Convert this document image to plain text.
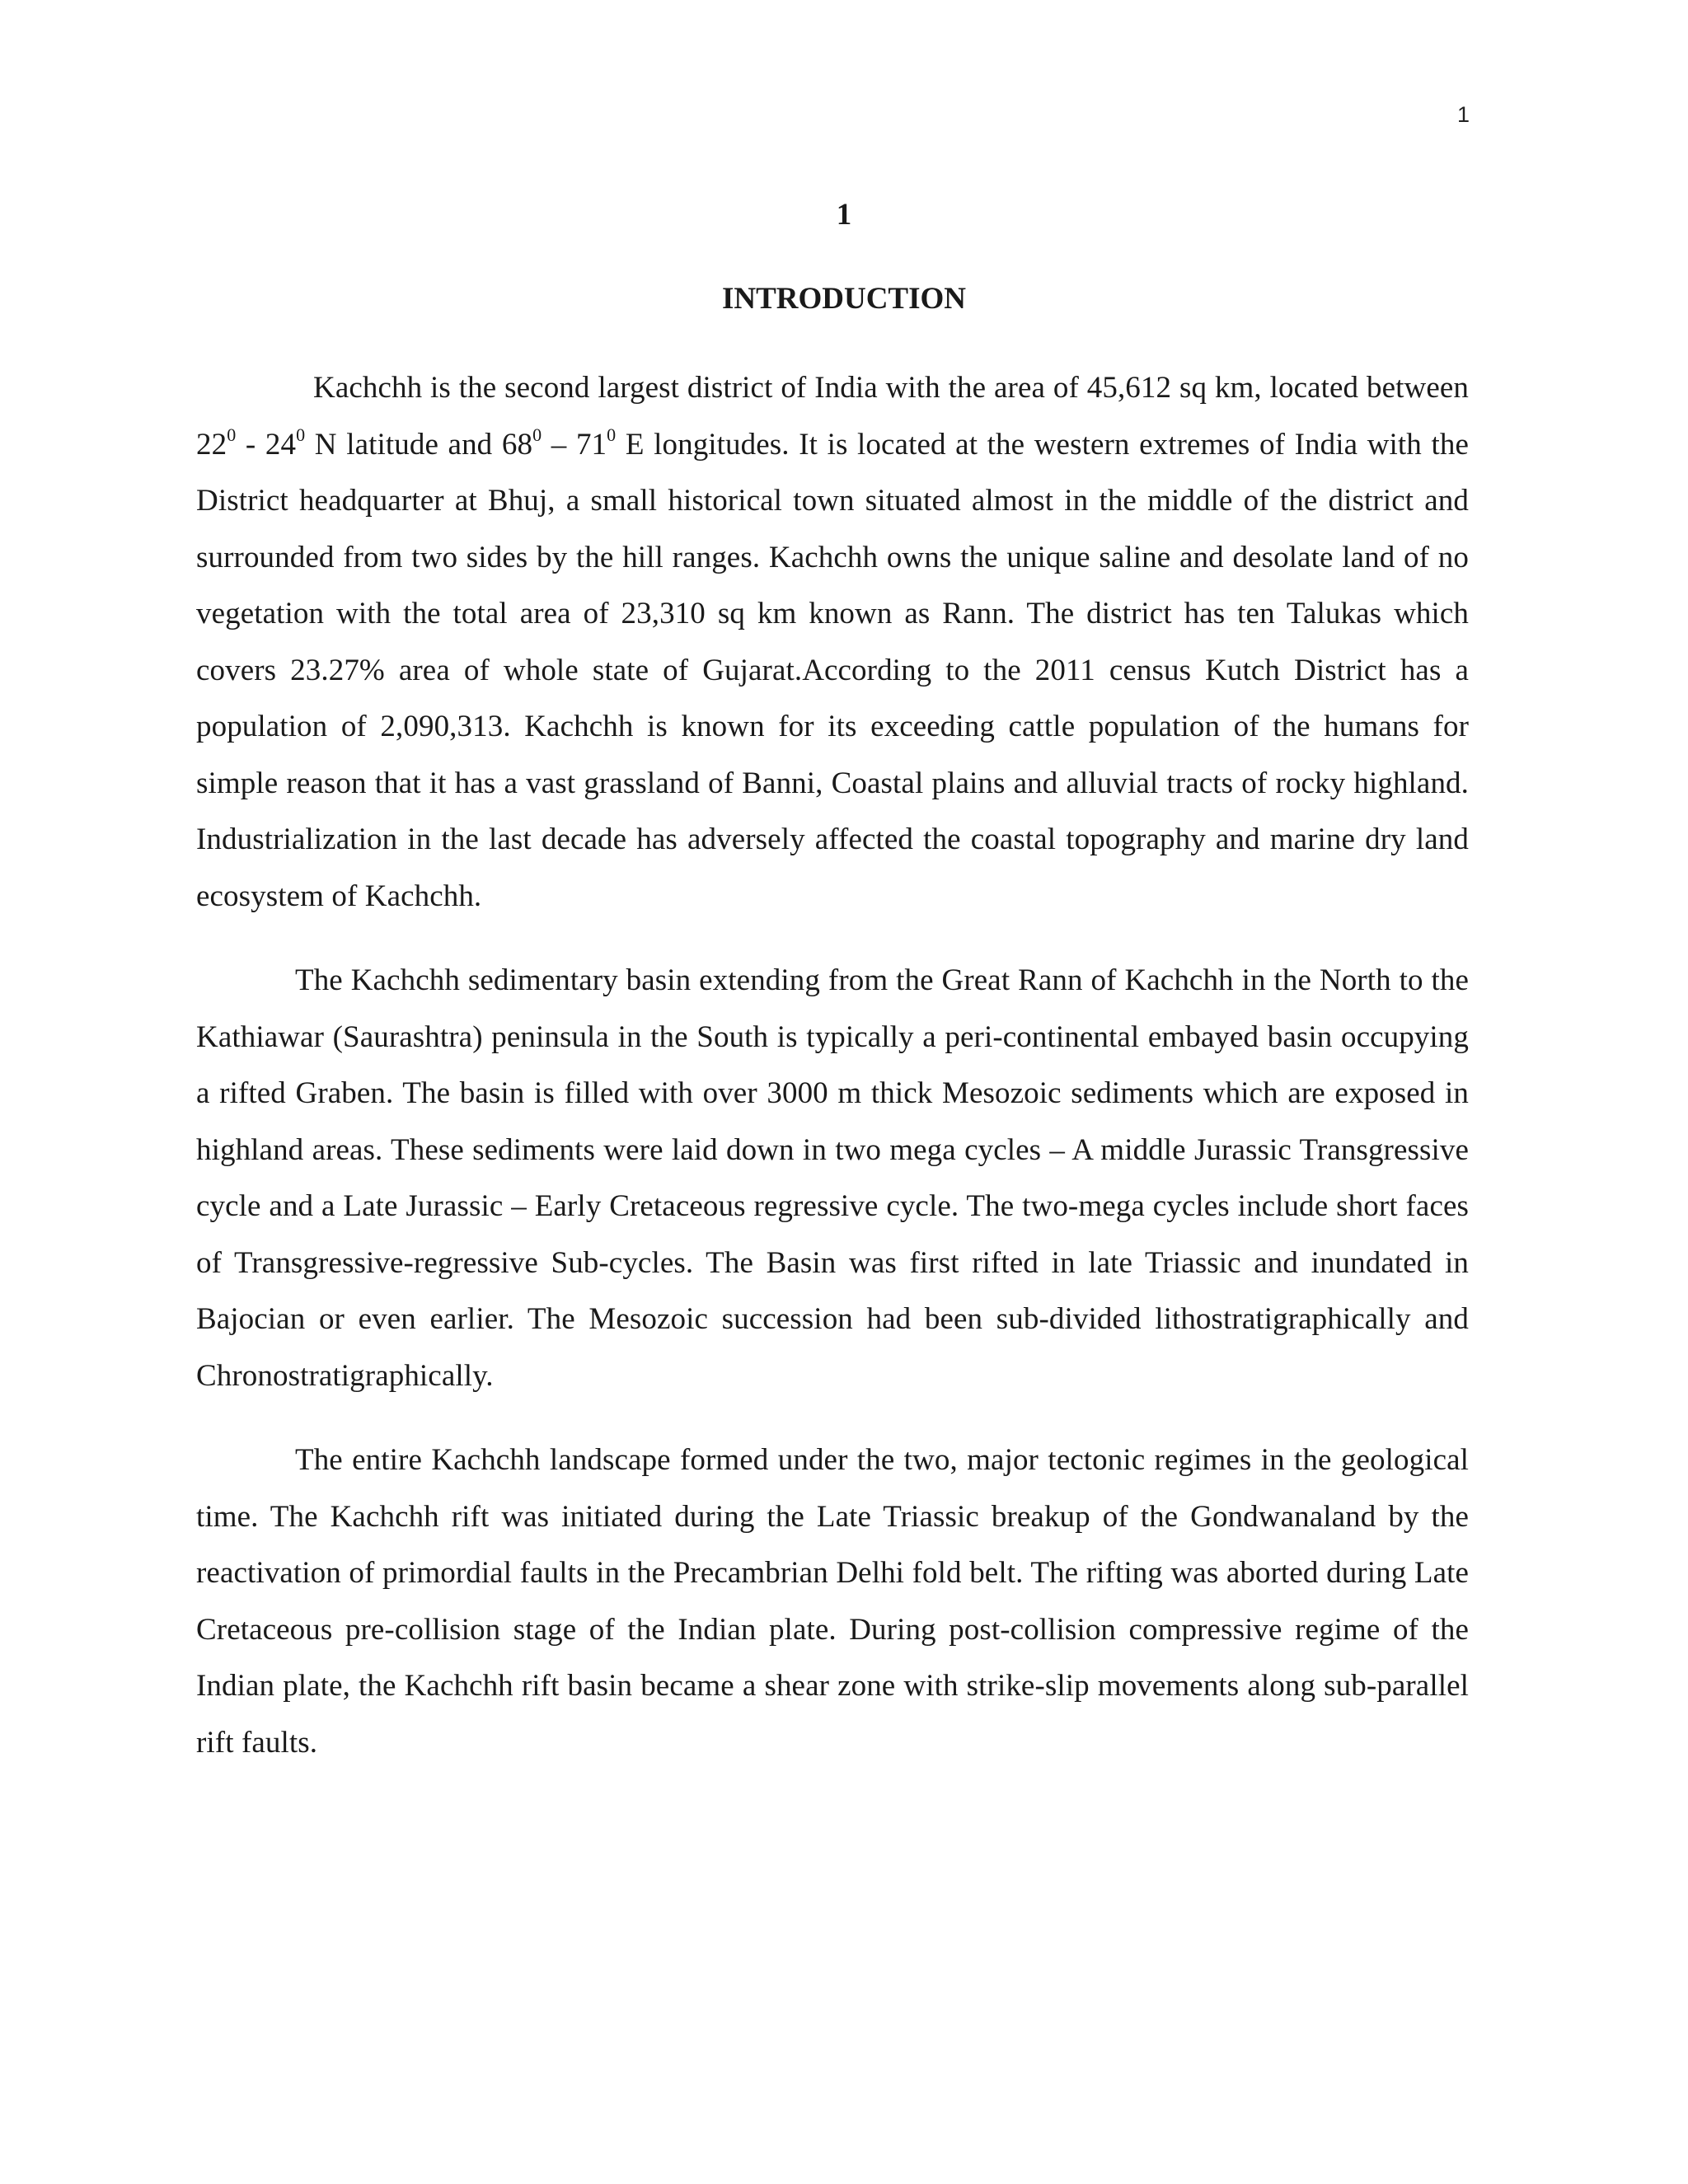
1
1
INTRODUCTION

Kachchh is the second largest district of India with the area of 45,612 sq km, located between $22^0 - 24^0$ N latitude and $68^0 - 71^0$ E longitudes. It is located at the western extremes of India with the District headquarter at Bhuj, a small historical town situated almost in the middle of the district and surrounded from two sides by the hill ranges. Kachchh owns the unique saline and desolate land of no vegetation with the total area of 23,310 sq km known as Rann. The district has ten Talukas which covers 23.27% area of whole state of Gujarat.According to the 2011 census Kutch District has a population of 2,090,313. Kachchh is known for its exceeding cattle population of the humans for simple reason that it has a vast grassland of Banni, Coastal plains and alluvial tracts of rocky highland. Industrialization in the last decade has adversely affected the coastal topography and marine dry land ecosystem of Kachchh.

The Kachchh sedimentary basin extending from the Great Rann of Kachchh in the North to the Kathiawar (Saurashtra) peninsula in the South is typically a peri-continental embayed basin occupying a rifted Graben. The basin is filled with over 3000 m thick Mesozoic sediments which are exposed in highland areas. These sediments were laid down in two mega cycles – A middle Jurassic Transgressive cycle and a Late Jurassic – Early Cretaceous regressive cycle. The two-mega cycles include short faces of Transgressive-regressive Sub-cycles. The Basin was first rifted in late Triassic and inundated in Bajocian or even earlier. The Mesozoic succession had been sub-divided lithostratigraphically and Chronostratigraphically.

The entire Kachchh landscape formed under the two, major tectonic regimes in the geological time. The Kachchh rift was initiated during the Late Triassic breakup of the Gondwanaland by the reactivation of primordial faults in the Precambrian Delhi fold belt. The rifting was aborted during Late Cretaceous pre-collision stage of the Indian plate. During post-collision compressive regime of the Indian plate, the Kachchh rift basin became a shear zone with strike-slip movements along sub-parallel rift faults.
